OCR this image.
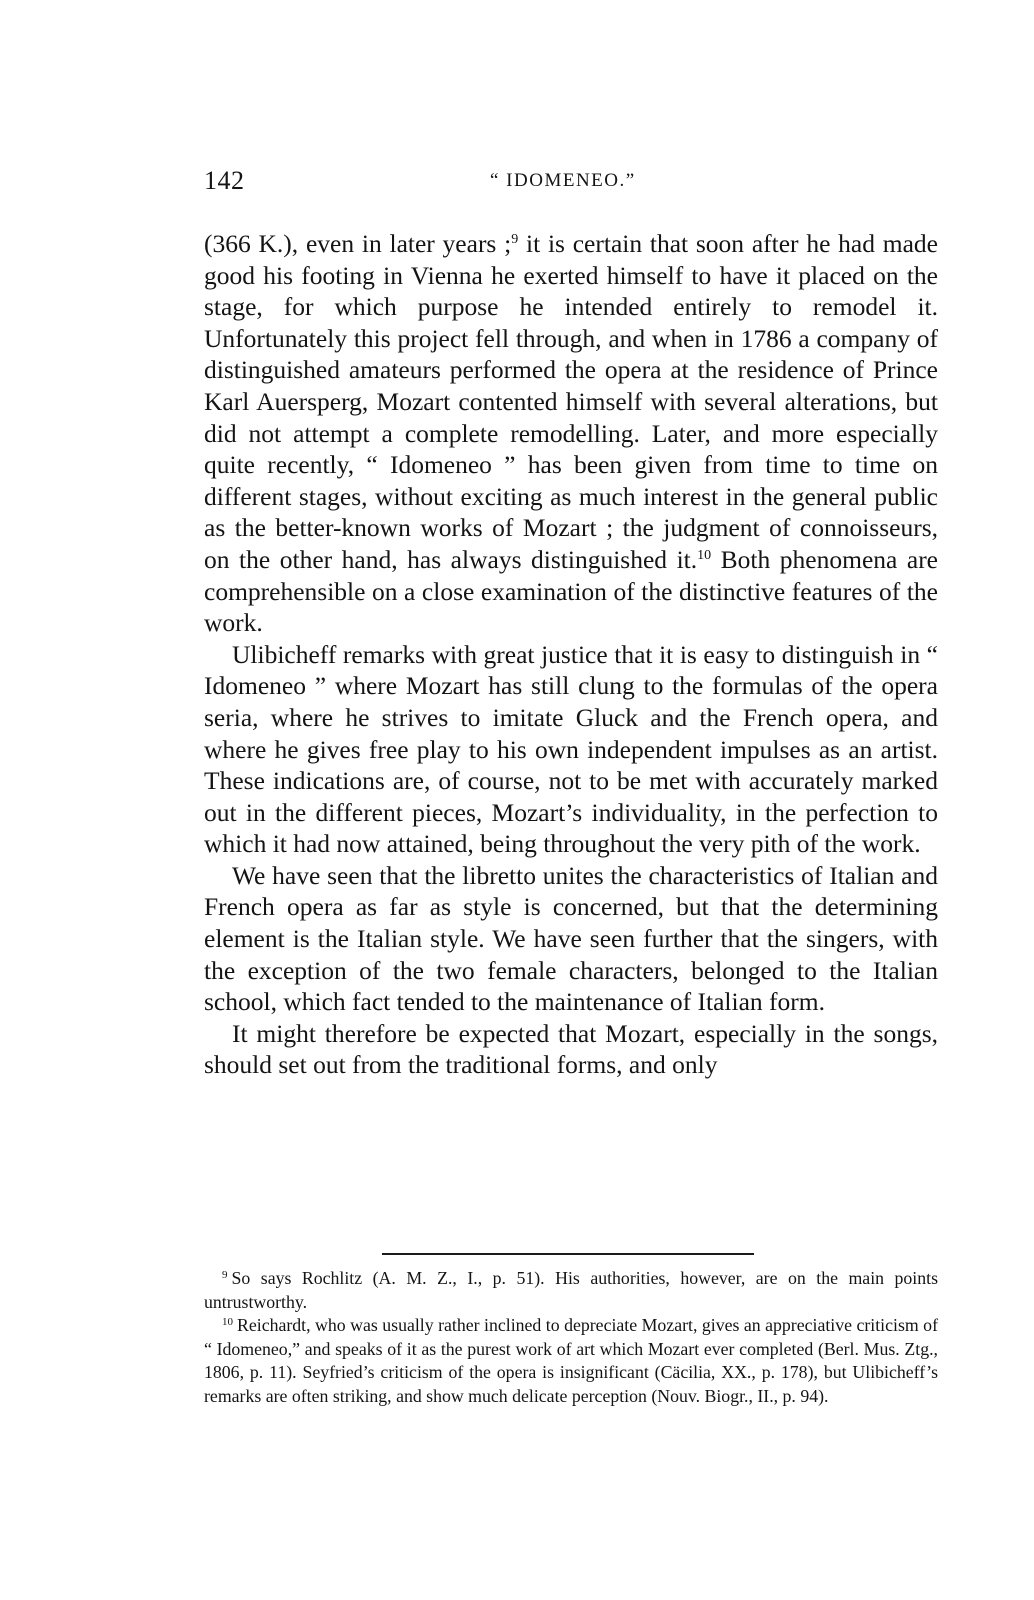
142	“ IDOMENEO.”

(366 K.), even in later years ;$^9$ it is certain that soon after he had made good his footing in Vienna he exerted himself to have it placed on the stage, for which purpose he intended entirely to remodel it. Unfortunately this project fell through, and when in 1786 a company of distinguished amateurs performed the opera at the residence of Prince Karl Auersperg, Mozart contented himself with several alterations, but did not attempt a complete remodelling. Later, and more especially quite recently, “ Idomeneo ” has been given from time to time on different stages, without exciting as much interest in the general public as the better-known works of Mozart ; the judgment of connoisseurs, on the other hand, has always distinguished it.$^{10}$ Both phenomena are comprehensible on a close examination of the distinctive features of the work.

Ulibicheff remarks with great justice that it is easy to distinguish in “ Idomeneo ” where Mozart has still clung to the formulas of the opera seria, where he strives to imitate Gluck and the French opera, and where he gives free play to his own independent impulses as an artist. These indications are, of course, not to be met with accurately marked out in the different pieces, Mozart’s individuality, in the perfection to which it had now attained, being throughout the very pith of the work.

We have seen that the libretto unites the characteristics of Italian and French opera as far as style is concerned, but that the determining element is the Italian style. We have seen further that the singers, with the exception of the two female characters, belonged to the Italian school, which fact tended to the maintenance of Italian form.

It might therefore be expected that Mozart, especially in the songs, should set out from the traditional forms, and only

$^9$ So says Rochlitz (A. M. Z., I., p. 51). His authorities, however, are on the main points untrustworthy.

$^{10}$ Reichardt, who was usually rather inclined to depreciate Mozart, gives an appreciative criticism of “ Idomeneo,” and speaks of it as the purest work of art which Mozart ever completed (Berl. Mus. Ztg., 1806, p. 11). Seyfried’s criticism of the opera is insignificant (Cäcilia, XX., p. 178), but Ulibicheff’s remarks are often striking, and show much delicate perception (Nouv. Biogr., II., p. 94).
